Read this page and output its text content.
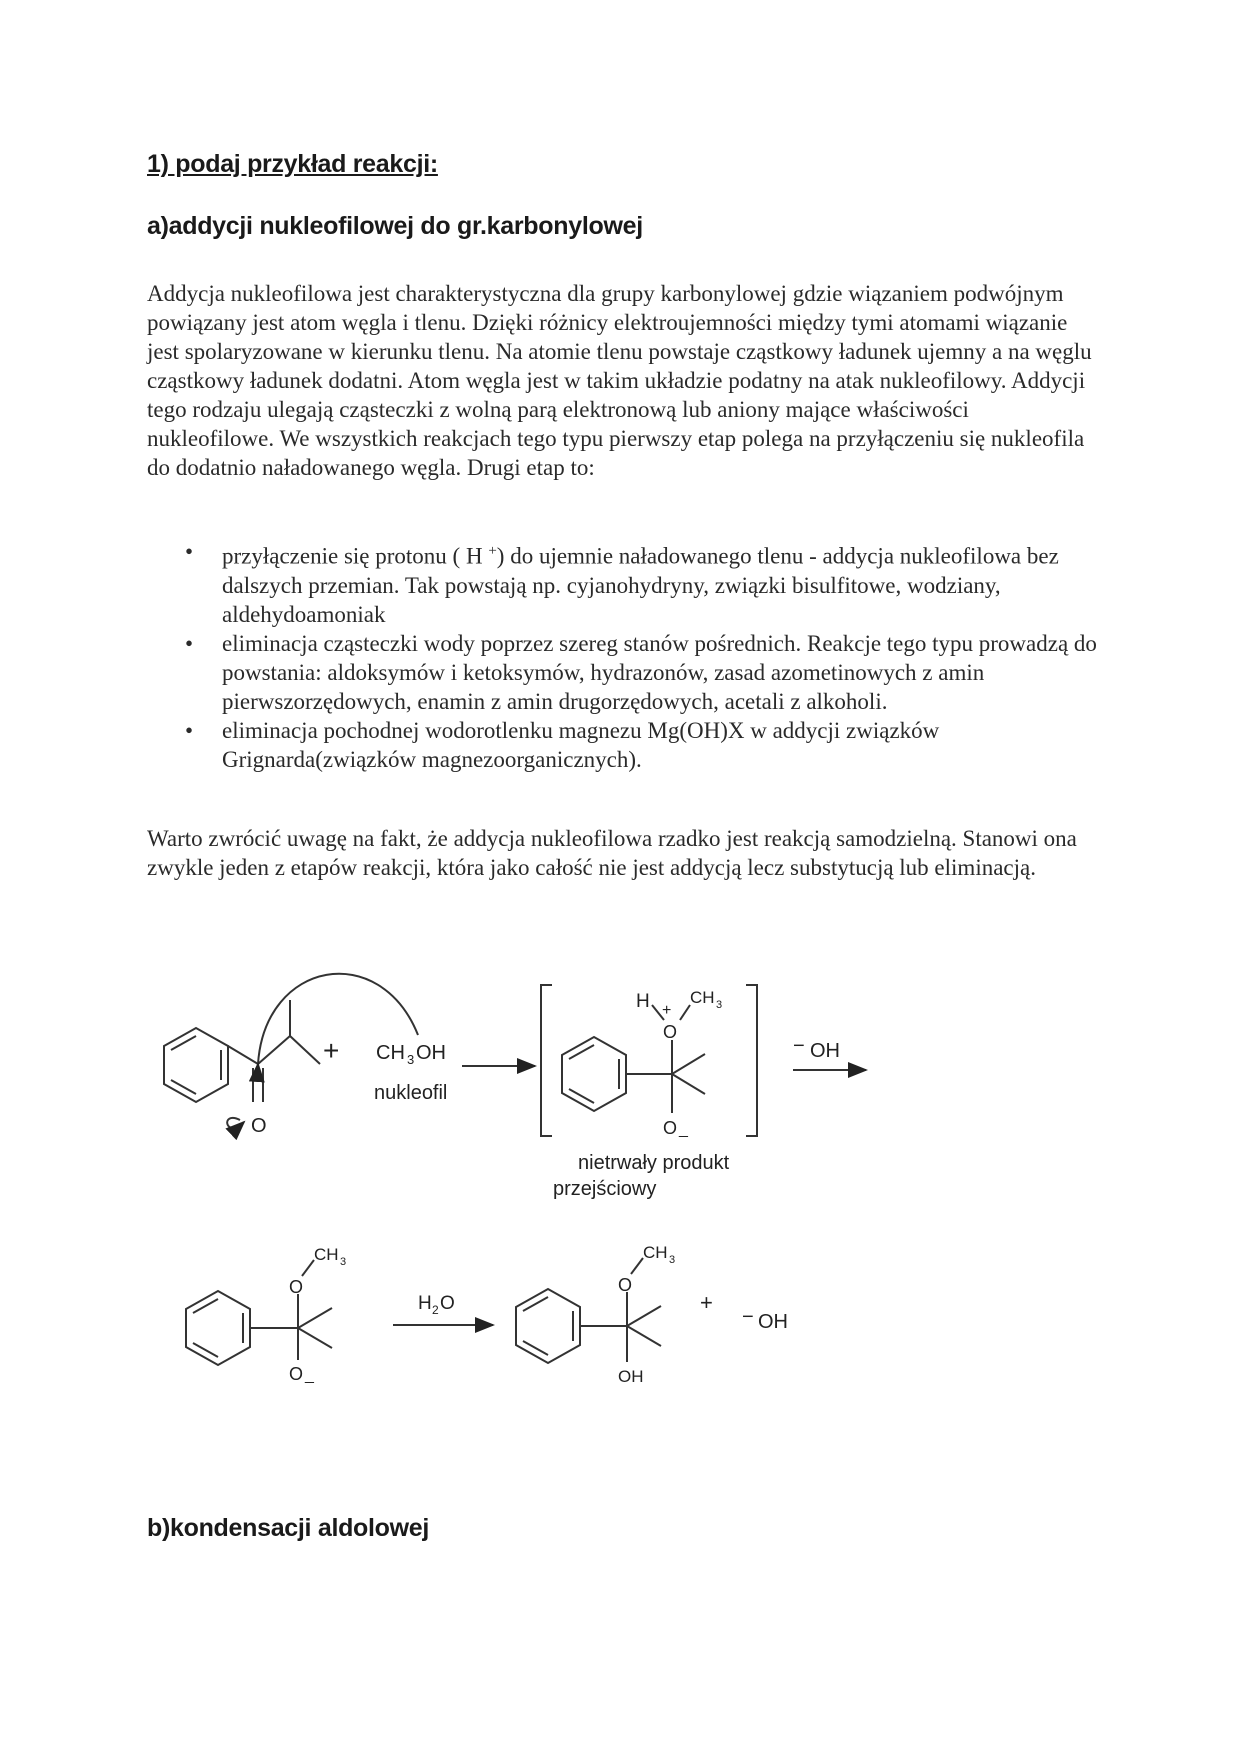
1) podaj przykład reakcji:
a)addycji nukleofilowej do gr.karbonylowej

Addycja nukleofilowa jest charakterystyczna dla grupy karbonylowej gdzie wiązaniem podwójnym powiązany jest atom węgla i tlenu. Dzięki różnicy elektroujemności między tymi atomami wiązanie jest spolaryzowane w kierunku tlenu. Na atomie tlenu powstaje cząstkowy ładunek ujemny a na węglu cząstkowy ładunek dodatni. Atom węgla jest w takim układzie podatny na atak nukleofilowy. Addycji tego rodzaju ulegają cząsteczki z wolną parą elektronową lub aniony mające właściwości nukleofilowe. We wszystkich reakcjach tego typu pierwszy etap polega na przyłączeniu się nukleofila do dodatnio naładowanego węgla. Drugi etap to:

• przyłączenie się protonu ( H +) do ujemnie naładowanego tlenu - addycja nukleofilowa bez dalszych przemian. Tak powstają np. cyjanohydryny, związki bisulfitowe, wodziany, aldehydoamoniak
• eliminacja cząsteczki wody poprzez szereg stanów pośrednich. Reakcje tego typu prowadzą do powstania: aldoksymów i ketoksymów, hydrazonów, zasad azometinowych z amin pierwszorzędowych, enamin z amin drugorzędowych, acetali z alkoholi.
• eliminacja pochodnej wodorotlenku magnezu Mg(OH)X w addycji związków Grignarda(związków magnezoorganicznych).

Warto zwrócić uwagę na fakt, że addycja nukleofilowa rzadko jest reakcją samodzielną. Stanowi ona zwykle jeden z etapów reakcji, która jako całość nie jest addycją lecz substytucją lub eliminacją.

O
+ CH 3 OH
nukleofil
O
H +
CH 3
O _
nietrwały produkt
przejściowy
− OH
O
CH 3
O _
H 2 O
O
CH 3
OH
+
− OH
b)kondensacji aldolowej
